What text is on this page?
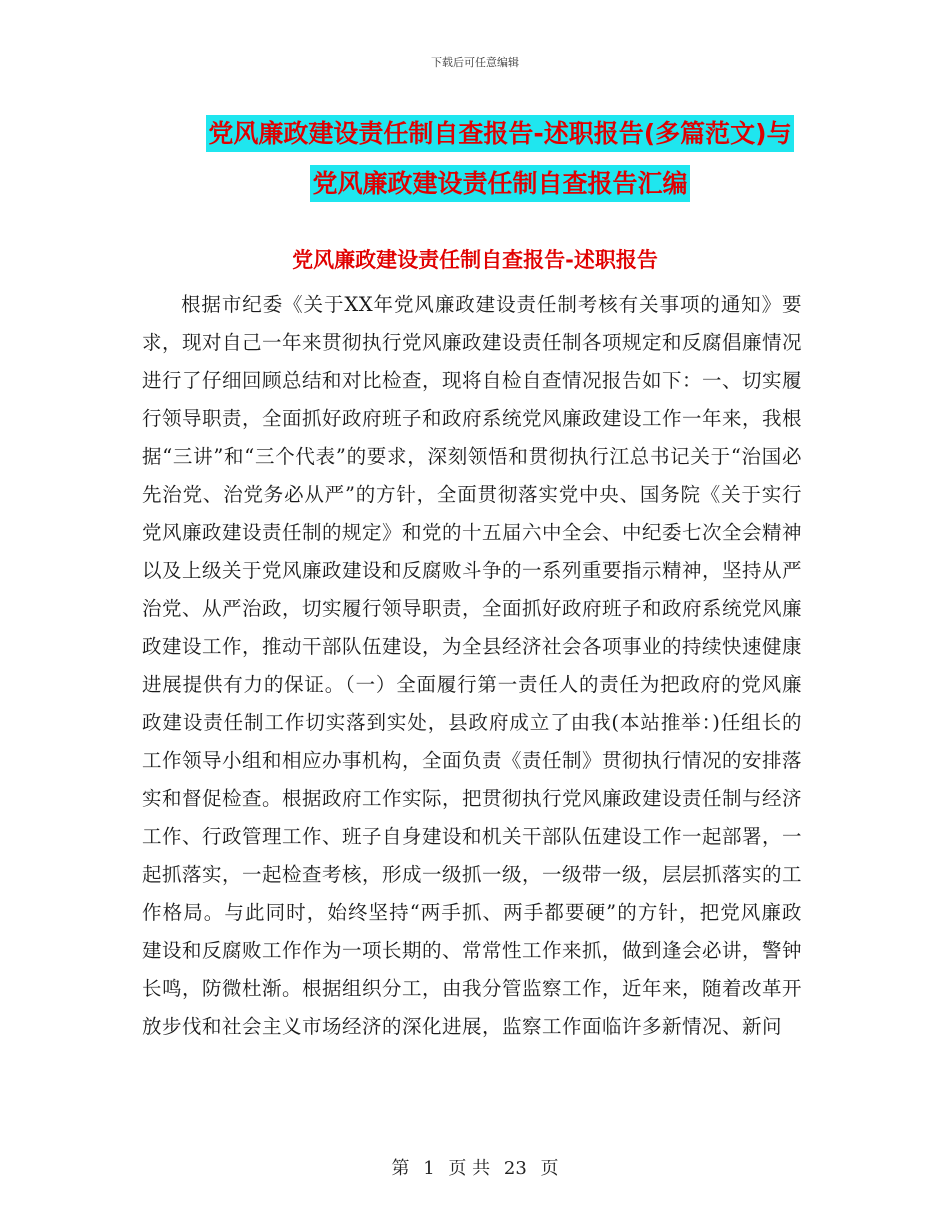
下载后可任意编辑
党风廉政建设责任制自查报告-述职报告(多篇范文)与
党风廉政建设责任制自查报告汇编
党风廉政建设责任制自查报告-述职报告

根据市纪委《关于XX年党风廉政建设责任制考核有关事项的通知》要求，现对自己一年来贯彻执行党风廉政建设责任制各项规定和反腐倡廉情况进行了仔细回顾总结和对比检查，现将自检自查情况报告如下：一、切实履行领导职责，全面抓好政府班子和政府系统党风廉政建设工作一年来，我根据“三讲”和“三个代表”的要求，深刻领悟和贯彻执行江总书记关于“治国必先治党、治党务必从严”的方针，全面贯彻落实党中央、国务院《关于实行党风廉政建设责任制的规定》和党的十五届六中全会、中纪委七次全会精神以及上级关于党风廉政建设和反腐败斗争的一系列重要指示精神，坚持从严治党、从严治政，切实履行领导职责，全面抓好政府班子和政府系统党风廉政建设工作，推动干部队伍建设，为全县经济社会各项事业的持续快速健康进展提供有力的保证。（一）全面履行第一责任人的责任为把政府的党风廉政建设责任制工作切实落到实处，县政府成立了由我(本站推举：)任组长的工作领导小组和相应办事机构，全面负责《责任制》贯彻执行情况的安排落实和督促检查。根据政府工作实际，把贯彻执行党风廉政建设责任制与经济工作、行政管理工作、班子自身建设和机关干部队伍建设工作一起部署，一起抓落实，一起检查考核，形成一级抓一级，一级带一级，层层抓落实的工作格局。与此同时，始终坚持“两手抓、两手都要硬”的方针，把党风廉政建设和反腐败工作作为一项长期的、常常性工作来抓，做到逢会必讲，警钟长鸣，防微杜渐。根据组织分工，由我分管监察工作，近年来，随着改革开放步伐和社会主义市场经济的深化进展，监察工作面临许多新情况、新问

第 1 页 共 23 页
